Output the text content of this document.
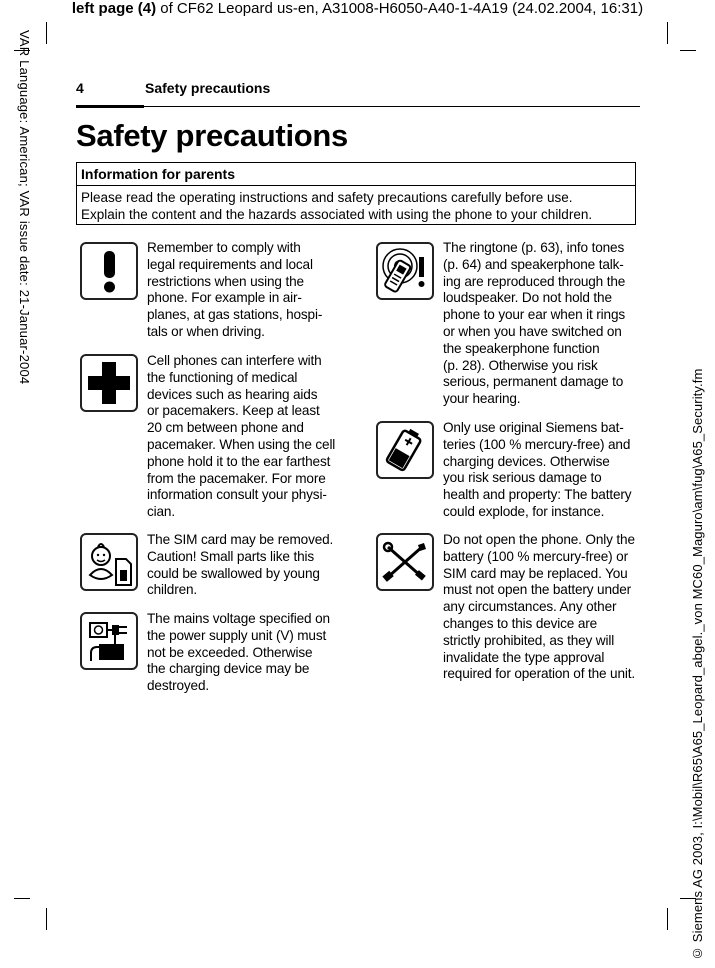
left page (4) of CF62 Leopard us-en, A31008-H6050-A40-1-4A19 (24.02.2004, 16:31)
VAR Language: American; VAR issue date: 21-Januar-2004
© Siemens AG 2003, I:\Mobil\R65\A65_Leopard_abgel._von MC60_Maguro\am\fug\A65_Security.fm
4	Safety precautions
Safety precautions
Information for parents
Please read the operating instructions and safety precautions carefully before use.
Explain the content and the hazards associated with using the phone to your children.
Remember to comply with
legal requirements and local
restrictions when using the
phone. For example in air-
planes, at gas stations, hospi-
tals or when driving.
Cell phones can interfere with
the functioning of medical
devices such as hearing aids
or pacemakers. Keep at least
20 cm between phone and
pacemaker. When using the cell
phone hold it to the ear farthest
from the pacemaker. For more
information consult your physi-
cian.
The SIM card may be removed.
Caution! Small parts like this
could be swallowed by young
children.
The mains voltage specified on
the power supply unit (V) must
not be exceeded. Otherwise
the charging device may be
destroyed.
The ringtone (p. 63), info tones
(p. 64) and speakerphone talk-
ing are reproduced through the
loudspeaker. Do not hold the
phone to your ear when it rings
or when you have switched on
the speakerphone function
(p. 28). Otherwise you risk
serious, permanent damage to
your hearing.
Only use original Siemens bat-
teries (100 % mercury-free) and
charging devices. Otherwise
you risk serious damage to
health and property: The battery
could explode, for instance.
Do not open the phone. Only the
battery (100 % mercury-free) or
SIM card may be replaced. You
must not open the battery under
any circumstances. Any other
changes to this device are
strictly prohibited, as they will
invalidate the type approval
required for operation of the unit.
